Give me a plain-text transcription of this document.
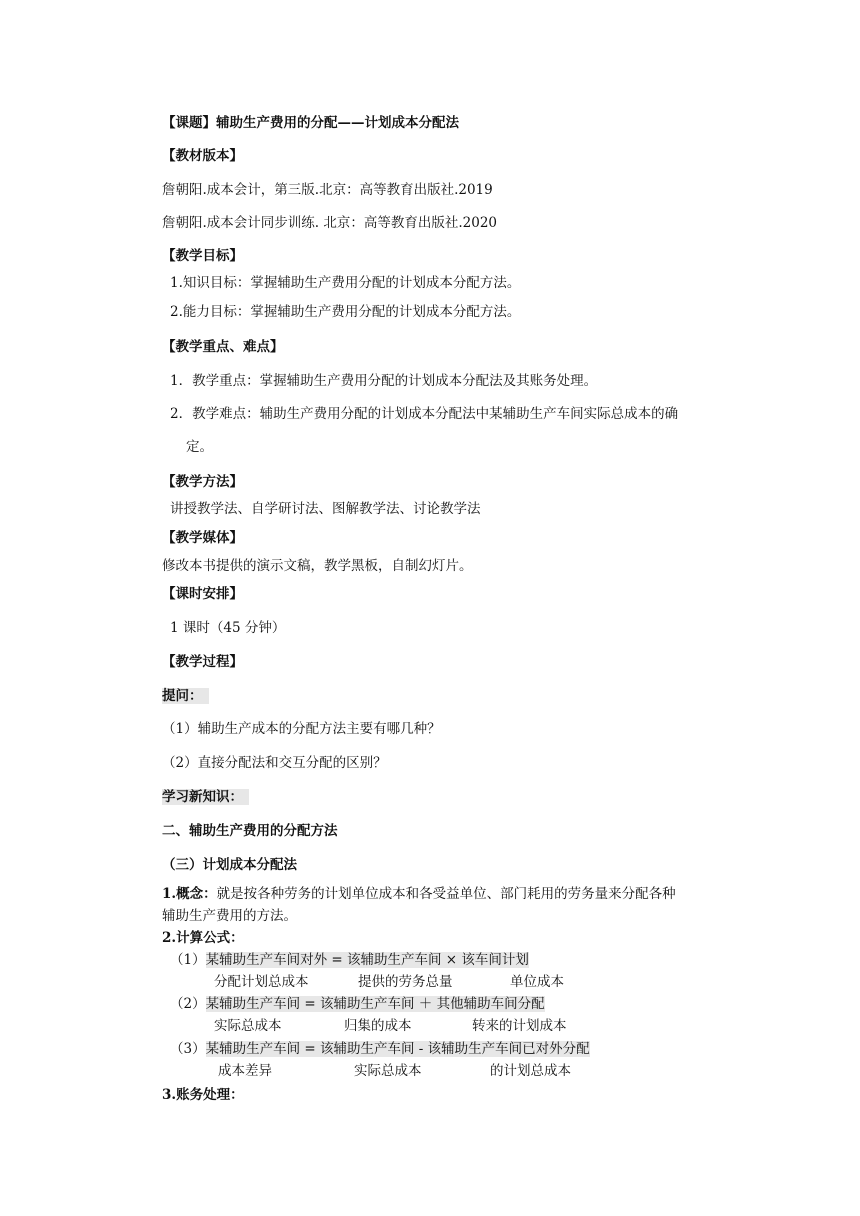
【课题】辅助生产费用的分配——计划成本分配法
【教材版本】
詹朝阳.成本会计，第三版.北京：高等教育出版社.2019
詹朝阳.成本会计同步训练. 北京：高等教育出版社.2020
【教学目标】
1.知识目标：掌握辅助生产费用分配的计划成本分配方法。
2.能力目标：掌握辅助生产费用分配的计划成本分配方法。
【教学重点、难点】
1．教学重点：掌握辅助生产费用分配的计划成本分配法及其账务处理。
2．教学难点：辅助生产费用分配的计划成本分配法中某辅助生产车间实际总成本的确
定。
【教学方法】
讲授教学法、自学研讨法、图解教学法、讨论教学法
【教学媒体】
修改本书提供的演示文稿，教学黑板，自制幻灯片。
【课时安排】
1 课时（45 分钟）
【教学过程】
提问：
（1）辅助生产成本的分配方法主要有哪几种？
（2）直接分配法和交互分配的区别？
学习新知识：
二、辅助生产费用的分配方法
（三）计划成本分配法
1.概念：就是按各种劳务的计划单位成本和各受益单位、部门耗用的劳务量来分配各种
辅助生产费用的方法。
2.计算公式：
（1）某辅助生产车间对外 = 该辅助生产车间 × 该车间计划
分配计划总成本	提供的劳务总量	单位成本
（2）某辅助生产车间 = 该辅助生产车间 ＋ 其他辅助车间分配
实际总成本	归集的成本	转来的计划成本
（3）某辅助生产车间 = 该辅助生产车间 - 该辅助生产车间已对外分配
成本差异	实际总成本	的计划总成本
3.账务处理：
